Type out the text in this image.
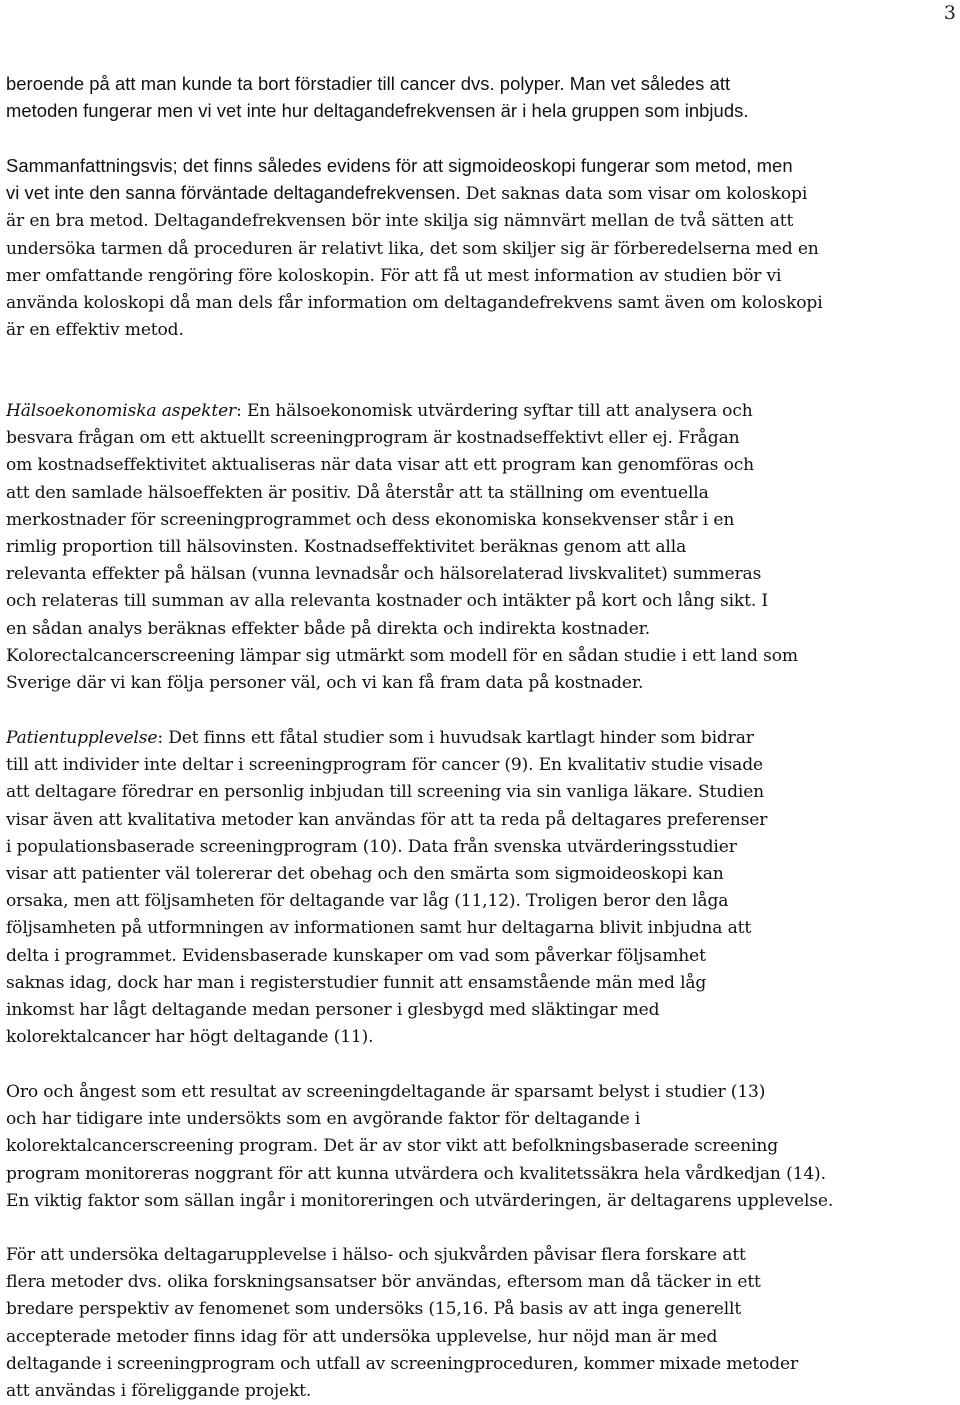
3

beroende på att man kunde ta bort förstadier till cancer dvs. polyper. Man vet således att
metoden fungerar men vi vet inte hur deltagandefrekvensen är i hela gruppen som inbjuds.

Sammanfattningsvis; det finns således evidens för att sigmoideoskopi fungerar som metod, men
vi vet inte den sanna förväntade deltagandefrekvensen. Det saknas data som visar om koloskopi
är en bra metod. Deltagandefrekvensen bör inte skilja sig nämnvärt mellan de två sätten att
undersöka tarmen då proceduren är relativt lika, det som skiljer sig är förberedelserna med en
mer omfattande rengöring före koloskopin. För att få ut mest information av studien bör vi
använda koloskopi då man dels får information om deltagandefrekvens samt även om koloskopi
är en effektiv metod.

Hälsoekonomiska aspekter: En hälsoekonomisk utvärdering syftar till att analysera och
besvara frågan om ett aktuellt screeningprogram är kostnadseffektivt eller ej. Frågan
om kostnadseffektivitet aktualiseras när data visar att ett program kan genomföras och
att den samlade hälsoeffekten är positiv. Då återstår att ta ställning om eventuella
merkostnader för screeningprogrammet och dess ekonomiska konsekvenser står i en
rimlig proportion till hälsovinsten. Kostnadseffektivitet beräknas genom att alla
relevanta effekter på hälsan (vunna levnadsår och hälsorelaterad livskvalitet) summeras
och relateras till summan av alla relevanta kostnader och intäkter på kort och lång sikt. I
en sådan analys beräknas effekter både på direkta och indirekta kostnader.
Kolorectalcancerscreening lämpar sig utmärkt som modell för en sådan studie i ett land som
Sverige där vi kan följa personer väl, och vi kan få fram data på kostnader.

Patientupplevelse: Det finns ett fåtal studier som i huvudsak kartlagt hinder som bidrar
till att individer inte deltar i screeningprogram för cancer (9). En kvalitativ studie visade
att deltagare föredrar en personlig inbjudan till screening via sin vanliga läkare. Studien
visar även att kvalitativa metoder kan användas för att ta reda på deltagares preferenser
i populationsbaserade screeningprogram (10). Data från svenska utvärderingsstudier
visar att patienter väl tolererar det obehag och den smärta som sigmoideoskopi kan
orsaka, men att följsamheten för deltagande var låg (11,12). Troligen beror den låga
följsamheten på utformningen av informationen samt hur deltagarna blivit inbjudna att
delta i programmet. Evidensbaserade kunskaper om vad som påverkar följsamhet
saknas idag, dock har man i registerstudier funnit att ensamstående män med låg
inkomst har lågt deltagande medan personer i glesbygd med släktingar med
kolorektalcancer har högt deltagande (11).

Oro och ångest som ett resultat av screeningdeltagande är sparsamt belyst i studier (13)
och har tidigare inte undersökts som en avgörande faktor för deltagande i
kolorektalcancerscreening program. Det är av stor vikt att befolkningsbaserade screening
program monitoreras noggrant för att kunna utvärdera och kvalitetssäkra hela vårdkedjan (14).
En viktig faktor som sällan ingår i monitoreringen och utvärderingen, är deltagarens upplevelse.

För att undersöka deltagarupplevelse i hälso- och sjukvården påvisar flera forskare att
flera metoder dvs. olika forskningsansatser bör användas, eftersom man då täcker in ett
bredare perspektiv av fenomenet som undersöks (15,16. På basis av att inga generellt
accepterade metoder finns idag för att undersöka upplevelse, hur nöjd man är med
deltagande i screeningprogram och utfall av screeningproceduren, kommer mixade metoder
att användas i föreliggande projekt.
